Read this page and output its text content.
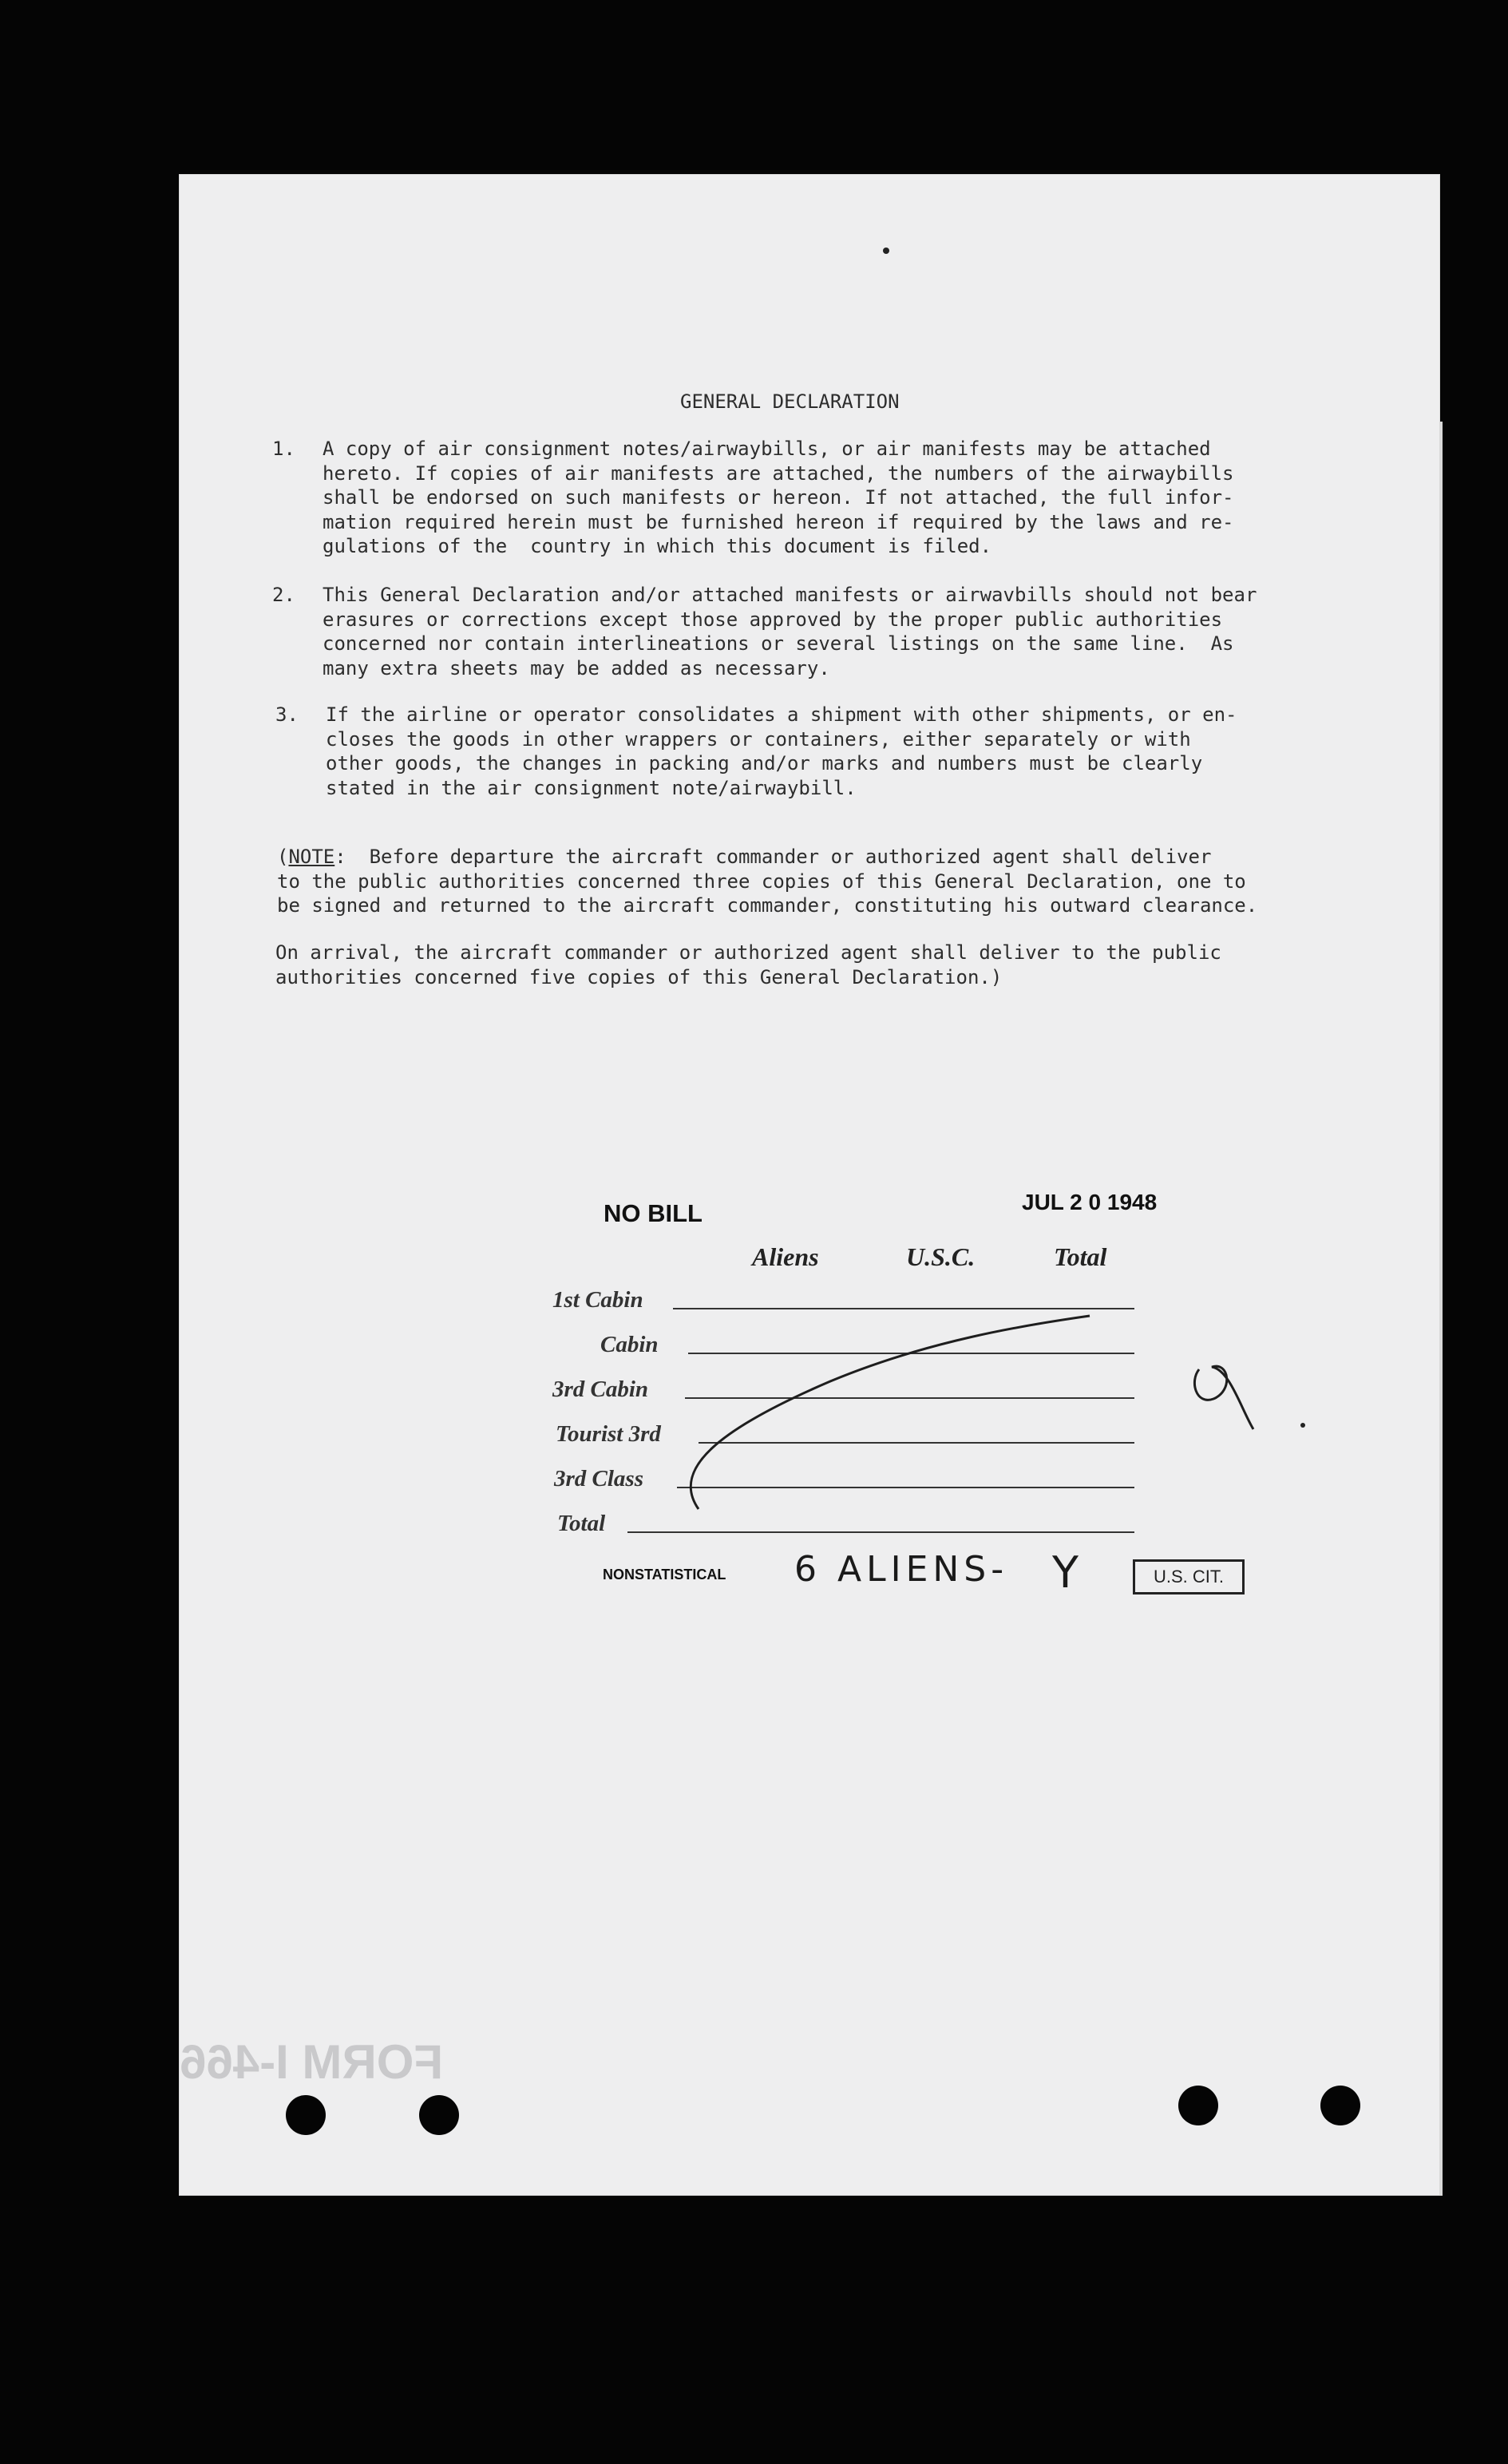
GENERAL DECLARATION
1. A copy of air consignment notes/airwaybills, or air manifests may be attached
hereto. If copies of air manifests are attached, the numbers of the airwaybills
shall be endorsed on such manifests or hereon. If not attached, the full infor-
mation required herein must be furnished hereon if required by the laws and re-
gulations of the  country in which this document is filed.
2. This General Declaration and/or attached manifests or airwavbills should not bear
erasures or corrections except those approved by the proper public authorities
concerned nor contain interlineations or several listings on the same line.  As
many extra sheets may be added as necessary.
3. If the airline or operator consolidates a shipment with other shipments, or en-
closes the goods in other wrappers or containers, either separately or with
other goods, the changes in packing and/or marks and numbers must be clearly
stated in the air consignment note/airwaybill.
(NOTE:  Before departure the aircraft commander or authorized agent shall deliver
to the public authorities concerned three copies of this General Declaration, one to
be signed and returned to the aircraft commander, constituting his outward clearance.
On arrival, the aircraft commander or authorized agent shall deliver to the public
authorities concerned five copies of this General Declaration.)
NO BILL	JUL 2 0 1948
Aliens	U.S.C.	Total
1st Cabin
Cabin
3rd Cabin
Tourist 3rd
3rd Class
Total
NONSTATISTICAL 6 ALIENS- Y	U.S. CIT.
FORM I-466
